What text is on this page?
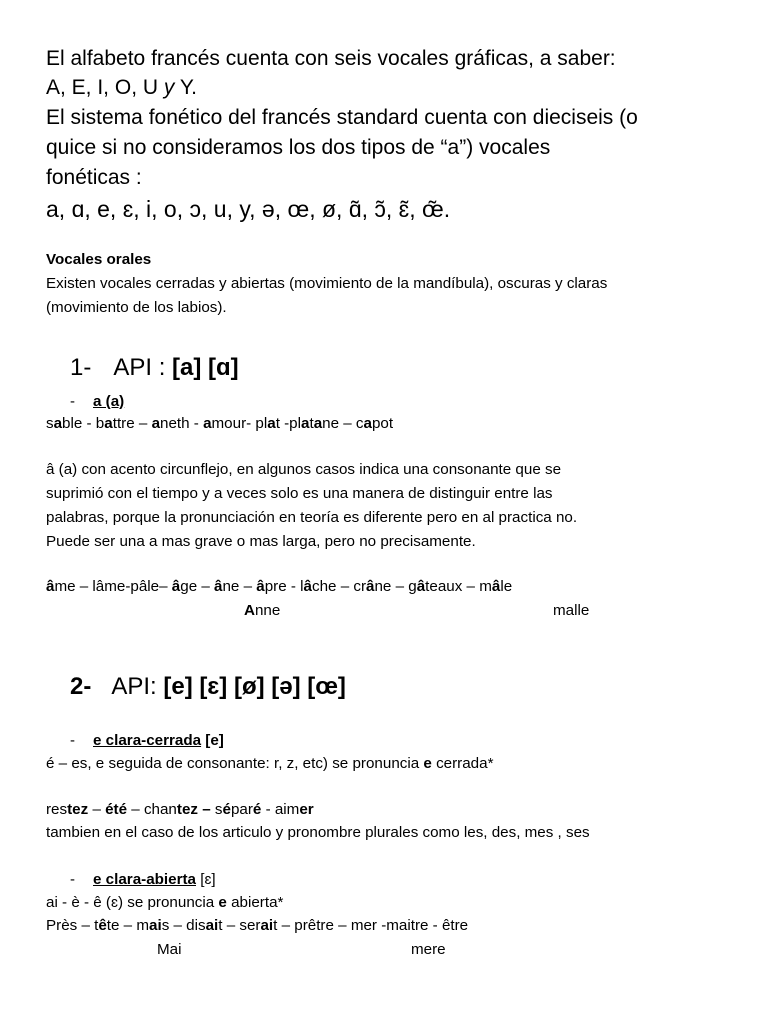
El alfabeto francés cuenta con seis vocales gráficas, a saber:
A, E, I, O, U y Y.
El sistema fonético del francés standard cuenta con dieciseis (o
quice si no consideramos los dos tipos de “a”) vocales
fonéticas :
a, ɑ, e, ɛ, i, o, ɔ, u, y, ə, œ, ø, ɑ̃, ɔ̃, ɛ̃, œ̃.
Vocales orales
Existen vocales cerradas y abiertas (movimiento de la mandíbula), oscuras y claras
(movimiento de los labios).
1- API : [a] [ɑ]
- a (a)
sable - battre – aneth - amour- plat -platane – capot
â (a) con acento circunflejo, en algunos casos indica una consonante que se
suprimió con el tiempo y a veces solo es una manera de distinguir entre las
palabras, porque la pronunciación en teoría es diferente pero en al practica no.
Puede ser una a mas grave o mas larga, pero no precisamente.
âme – lâme-pâle– âge – âne – âpre - lâche – crâne – gâteaux – mâle
Anne	malle
2- API: [e] [ɛ] [ø] [ə] [œ]
- e clara-cerrada [e]
é – es, e seguida de consonante: r, z, etc) se pronuncia e cerrada*
restez – été – chantez – séparé - aimer
tambien en el caso de los articulo y pronombre plurales como les, des, mes , ses
- e clara-abierta [ɛ]
ai - è - ê (ɛ) se pronuncia e abierta*
Près – tête – mais – disait – serait – prêtre – mer -maitre - être
Mai	mere
